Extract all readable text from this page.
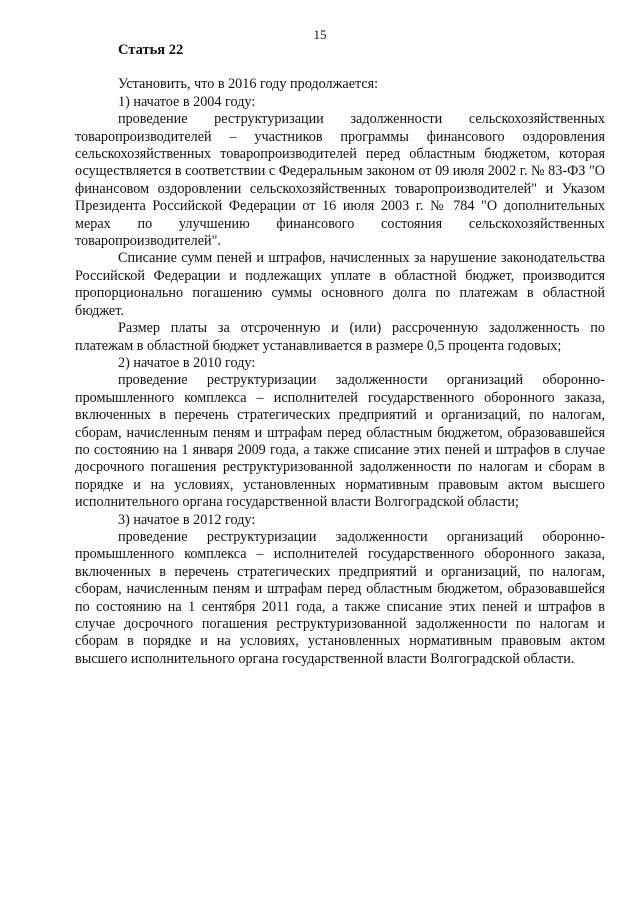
15
Статья 22

Установить, что в 2016 году продолжается:

1) начатое в 2004 году:

проведение реструктуризации задолженности сельскохозяйственных товаропроизводителей – участников программы финансового оздоровления сельскохозяйственных товаропроизводителей перед областным бюджетом, которая осуществляется в соответствии с Федеральным законом от 09 июля 2002 г. № 83-ФЗ "О финансовом оздоровлении сельскохозяйственных товаропроизводителей" и Указом Президента Российской Федерации от 16 июля 2003 г. № 784 "О дополнительных мерах по улучшению финансового состояния сельскохозяйственных товаропроизводителей".

Списание сумм пеней и штрафов, начисленных за нарушение законодательства Российской Федерации и подлежащих уплате в областной бюджет, производится пропорционально погашению суммы основного долга по платежам в областной бюджет.

Размер платы за отсроченную и (или) рассроченную задолженность по платежам в областной бюджет устанавливается в размере 0,5 процента годовых;

2) начатое в 2010 году:

проведение реструктуризации задолженности организаций оборонно-промышленного комплекса – исполнителей государственного оборонного заказа, включенных в перечень стратегических предприятий и организаций, по налогам, сборам, начисленным пеням и штрафам перед областным бюджетом, образовавшейся по состоянию на 1 января 2009 года, а также списание этих пеней и штрафов в случае досрочного погашения реструктуризованной задолженности по налогам и сборам в порядке и на условиях, установленных нормативным правовым актом высшего исполнительного органа государственной власти Волгоградской области;

3) начатое в 2012 году:

проведение реструктуризации задолженности организаций оборонно-промышленного комплекса – исполнителей государственного оборонного заказа, включенных в перечень стратегических предприятий и организаций, по налогам, сборам, начисленным пеням и штрафам перед областным бюджетом, образовавшейся по состоянию на 1 сентября 2011 года, а также списание этих пеней и штрафов в случае досрочного погашения реструктуризованной задолженности по налогам и сборам в порядке и на условиях, установленных нормативным правовым актом высшего исполнительного органа государственной власти Волгоградской области.
